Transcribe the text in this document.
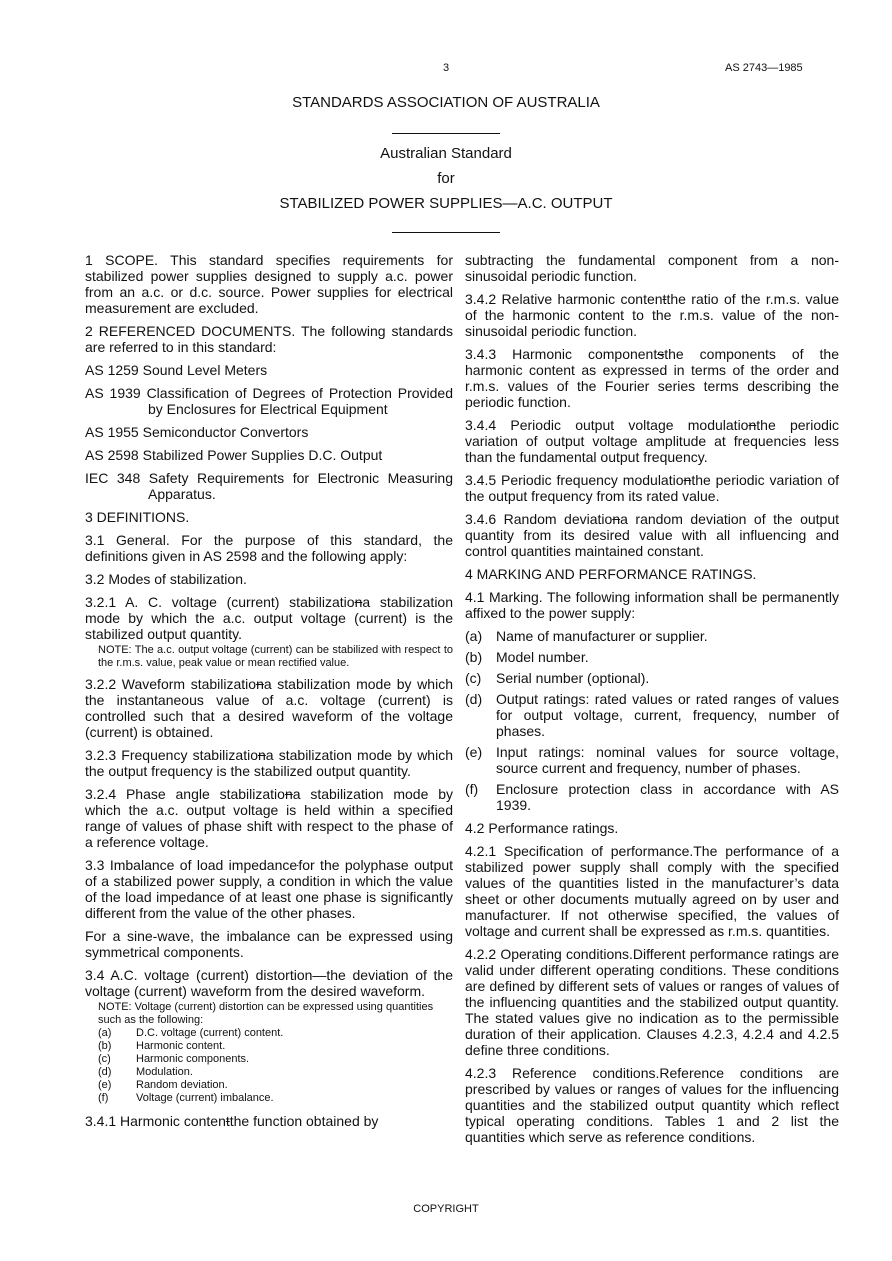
3	AS 2743—1985
STANDARDS ASSOCIATION OF AUSTRALIA
Australian Standard
for
STABILIZED POWER SUPPLIES—A.C. OUTPUT

1 SCOPE. This standard specifies requirements for stabilized power supplies designed to supply a.c. power from an a.c. or d.c. source. Power supplies for electrical measurement are excluded.

2 REFERENCED DOCUMENTS. The following standards are referred to in this standard:

AS 1259 Sound Level Meters
AS 1939 Classification of Degrees of Protection Provided by Enclosures for Electrical Equipment
AS 1955 Semiconductor Convertors
AS 2598 Stabilized Power Supplies D.C. Output
IEC 348 Safety Requirements for Electronic Measuring Apparatus.

3 DEFINITIONS.

3.1 General. For the purpose of this standard, the definitions given in AS 2598 and the following apply:

3.2 Modes of stabilization.

3.2.1 A. C. voltage (current) stabilizationa stabilization mode by which the a.c. output voltage (current) is the stabilized output quantity.

NOTE: The a.c. output voltage (current) can be stabilized with respect to the r.m.s. value, peak value or mean rectified value.

3.2.2 Waveform stabilizationa stabilization mode by which the instantaneous value of a.c. voltage (current) is controlled such that a desired waveform of the voltage (current) is obtained.

3.2.3 Frequency stabilizationa stabilization mode by which the output frequency is the stabilized output quantity.

3.2.4 Phase angle stabilizationa stabilization mode by which the a.c. output voltage is held within a specified range of values of phase shift with respect to the phase of a reference voltage.

3.3 Imbalance of load impedance for the polyphase output of a stabilized power supply, a condition in which the value of the load impedance of at least one phase is significantly different from the value of the other phases.

For a sine-wave, the imbalance can be expressed using symmetrical components.

3.4 A.C. voltage (current) distortion—the deviation of the voltage (current) waveform from the desired waveform.

NOTE: Voltage (current) distortion can be expressed using quantities such as the following:
(a) D.C. voltage (current) content.
(b) Harmonic content.
(c) Harmonic components.
(d) Modulation.
(e) Random deviation.
(f)	Voltage (current) imbalance.

3.4.1 Harmonic contentthe function obtained by

subtracting the fundamental component from a non-sinusoidal periodic function.

3.4.2 Relative harmonic contentthe ratio of the r.m.s. value of the harmonic content to the r.m.s. value of the non-sinusoidal periodic function.

3.4.3 Harmonic componentsthe components of the harmonic content as expressed in terms of the order and r.m.s. values of the Fourier series terms describing the periodic function.

3.4.4 Periodic output voltage modulationthe periodic variation of output voltage amplitude at frequencies less than the fundamental output frequency.

3.4.5 Periodic frequency modulationthe periodic variation of the output frequency from its rated value.

3.4.6 Random deviationa random deviation of the output quantity from its desired value with all influencing and control quantities maintained constant.

4 MARKING AND PERFORMANCE RATINGS.

4.1 Marking. The following information shall be permanently affixed to the power supply:

(a) Name of manufacturer or supplier.
(b) Model number.
(c) Serial number (optional).
(d) Output ratings: rated values or rated ranges of values for output voltage, current, frequency, number of phases.
(e) Input ratings: nominal values for source voltage, source current and frequency, number of phases.
(f) Enclosure protection class in accordance with AS 1939.

4.2 Performance ratings.

4.2.1 Specification of performance.The performance of a stabilized power supply shall comply with the specified values of the quantities listed in the manufacturer’s data sheet or other documents mutually agreed on by user and manufacturer. If not otherwise specified, the values of voltage and current shall be expressed as r.m.s. quantities.

4.2.2 Operating conditions.Different performance ratings are valid under different operating conditions. These conditions are defined by different sets of values or ranges of values of the influencing quantities and the stabilized output quantity. The stated values give no indication as to the permissible duration of their application. Clauses 4.2.3, 4.2.4 and 4.2.5 define three conditions.

4.2.3 Reference conditions.Reference conditions are prescribed by values or ranges of values for the influencing quantities and the stabilized output quantity which reflect typical operating conditions. Tables 1 and 2 list the quantities which serve as reference conditions.

COPYRIGHT
